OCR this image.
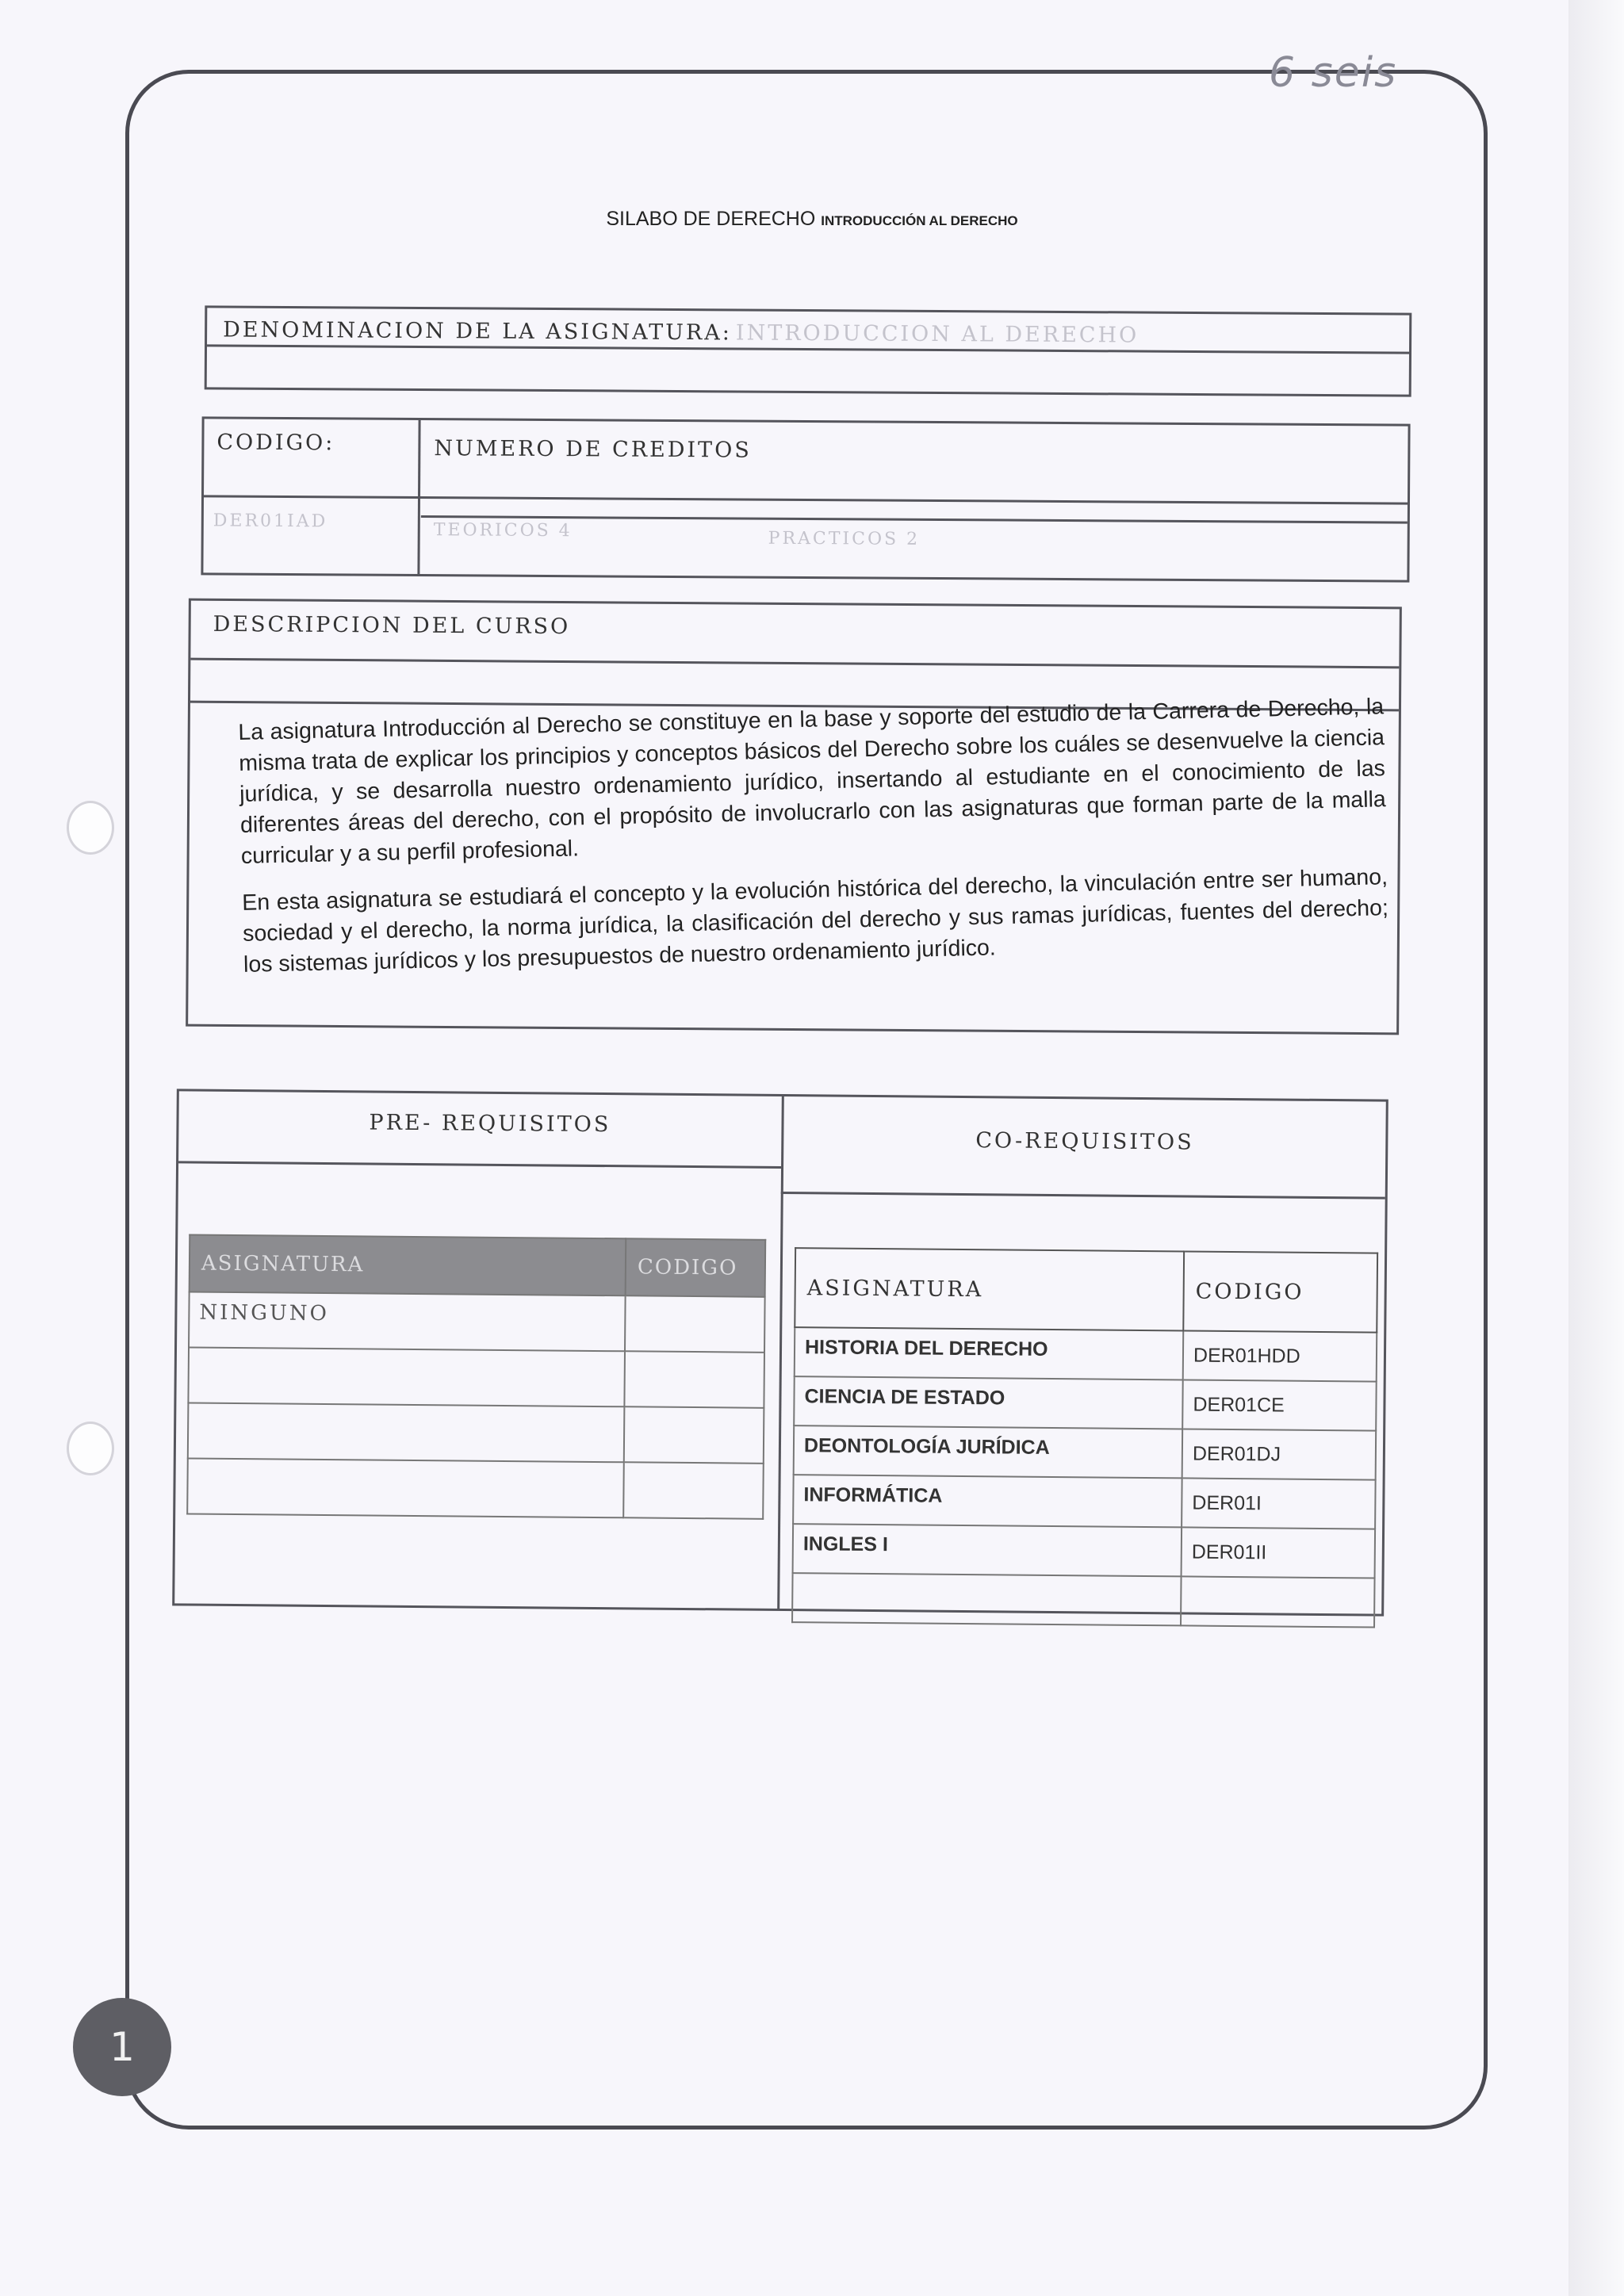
6 seis
SILABO DE DERECHO INTRODUCCIÓN AL DERECHO
DENOMINACION DE LA ASIGNATURA: INTRODUCCION AL DERECHO
CODIGO:	NUMERO DE CREDITOS
DER01IAD	TEORICOS 4	PRACTICOS 2
DESCRIPCION DEL CURSO

La asignatura Introducción al Derecho se constituye en la base y soporte del estudio de la Carrera de Derecho, la misma trata de explicar los principios y conceptos básicos del Derecho sobre los cuáles se desenvuelve la ciencia jurídica, y se desarrolla nuestro ordenamiento jurídico, insertando al estudiante en el conocimiento de las diferentes áreas del derecho, con el propósito de involucrarlo con las asignaturas que forman parte de la malla curricular y a su perfil profesional.

En esta asignatura se estudiará el concepto y la evolución histórica del derecho, la vinculación entre ser humano, sociedad y el derecho, la norma jurídica, la clasificación del derecho y sus ramas jurídicas, fuentes del derecho; los sistemas jurídicos y los presupuestos de nuestro ordenamiento jurídico.

PRE- REQUISITOS
CO-REQUISITOS
ASIGNATURA	CODIGO
NINGUNO	

ASIGNATURA	CODIGO
HISTORIA DEL DERECHO	DER01HDD
CIENCIA DE ESTADO	DER01CE
DEONTOLOGÍA JURÍDICA	DER01DJ
INFORMÁTICA	DER01I
INGLES I	DER01II

1
